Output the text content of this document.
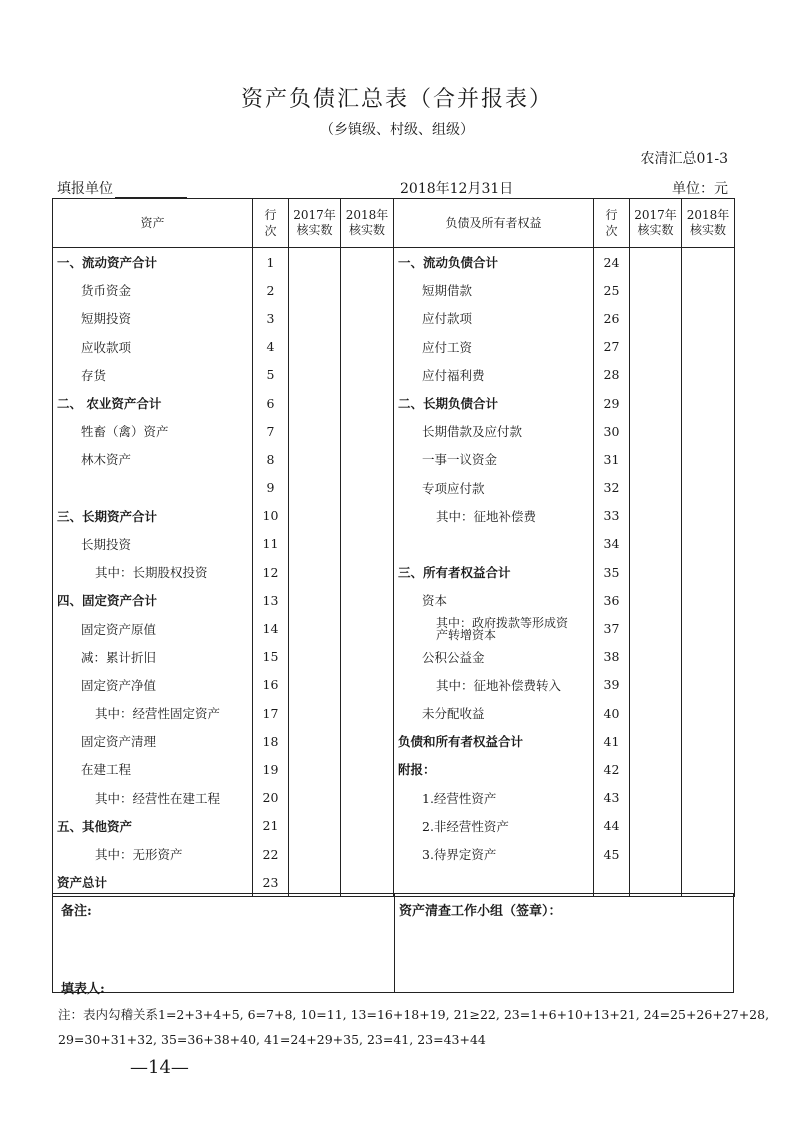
资产负债汇总表（合并报表）
（乡镇级、村级、组级）
农清汇总01-3
填报单位	2018年12月31日	单位：元
资产	行次	2017年核实数	2018年核实数	负债及所有者权益	行次	2017年核实数	2018年核实数

一、流动资产合计	1			一、流动负债合计	24		
货币资金	2			短期借款	25		
短期投资	3			应付款项	26		
应收款项	4			应付工资	27		
存货	5			应付福利费	28		
二、 农业资产合计	6			二、长期负债合计	29		
牲畜（禽）资产	7			长期借款及应付款	30		
林木资产	8			一事一议资金	31		
	9			专项应付款	32		
三、长期资产合计	10			其中：征地补偿费	33		
长期投资	11				34		
其中：长期股权投资	12			三、所有者权益合计	35		
四、固定资产合计	13			资本	36		
固定资产原值	14			其中：政府拨款等形成资产转增资本	37		
减：累计折旧	15			公积公益金	38		
固定资产净值	16			其中：征地补偿费转入	39		
其中：经营性固定资产	17			未分配收益	40		
固定资产清理	18			负债和所有者权益合计	41		
在建工程	19			附报：	42		
其中：经营性在建工程	20			1.经营性资产	43		
五、其他资产	21			2.非经营性资产	44		
其中：无形资产	22			3.待界定资产	45		
资产总计	23						
备注:	资产清查工作小组（签章）：
填表人:
注：表内勾稽关系1=2+3+4+5, 6=7+8, 10=11, 13=16+18+19, 21≥22, 23=1+6+10+13+21, 24=25+26+27+28,
29=30+31+32, 35=36+38+40, 41=24+29+35, 23=41, 23=43+44
—14—
